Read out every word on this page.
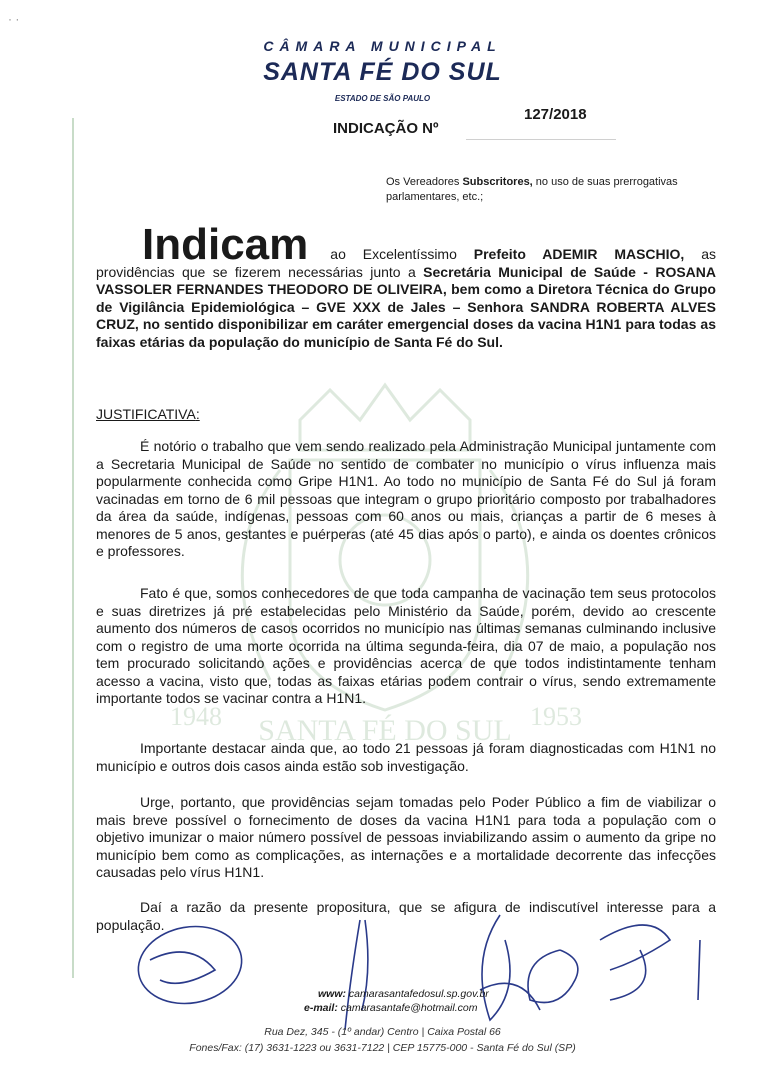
· ·
1948 SANTA FÉ DO SUL 1953
CÂMARA MUNICIPAL
SANTA FÉ DO SUL
ESTADO DE SÃO PAULO
INDICAÇÃO Nº
127/2018
Os Vereadores Subscritores, no uso de suas prerrogativas parlamentares, etc.;
Indicam ao Excelentíssimo Prefeito ADEMIR MASCHIO, as providências que se fizerem necessárias junto a Secretária Municipal de Saúde - ROSANA VASSOLER FERNANDES THEODORO DE OLIVEIRA, bem como a Diretora Técnica do Grupo de Vigilância Epidemiológica – GVE XXX de Jales – Senhora SANDRA ROBERTA ALVES CRUZ, no sentido disponibilizar em caráter emergencial doses da vacina H1N1 para todas as faixas etárias da população do município de Santa Fé do Sul.
JUSTIFICATIVA:
É notório o trabalho que vem sendo realizado pela Administração Municipal juntamente com a Secretaria Municipal de Saúde no sentido de combater no município o vírus influenza mais popularmente conhecida como Gripe H1N1. Ao todo no município de Santa Fé do Sul já foram vacinadas em torno de 6 mil pessoas que integram o grupo prioritário composto por trabalhadores da área da saúde, indígenas, pessoas com 60 anos ou mais, crianças a partir de 6 meses à menores de 5 anos, gestantes e puérperas (até 45 dias após o parto), e ainda os doentes crônicos e professores.
Fato é que, somos conhecedores de que toda campanha de vacinação tem seus protocolos e suas diretrizes já pré estabelecidas pelo Ministério da Saúde, porém, devido ao crescente aumento dos números de casos ocorridos no município nas últimas semanas culminando inclusive com o registro de uma morte ocorrida na última segunda-feira, dia 07 de maio, a população nos tem procurado solicitando ações e providências acerca de que todos indistintamente tenham acesso a vacina, visto que, todas as faixas etárias podem contrair o vírus, sendo extremamente importante todos se vacinar contra a H1N1.
Importante destacar ainda que, ao todo 21 pessoas já foram diagnosticadas com H1N1 no município e outros dois casos ainda estão sob investigação.
Urge, portanto, que providências sejam tomadas pelo Poder Público a fim de viabilizar o mais breve possível o fornecimento de doses da vacina H1N1 para toda a população com o objetivo imunizar o maior número possível de pessoas inviabilizando assim o aumento da gripe no município bem como as complicações, as internações e a mortalidade decorrente das infecções causadas pelo vírus H1N1.
Daí a razão da presente propositura, que se afigura de indiscutível interesse para a população.
www: camarasantafedosul.sp.gov.br
e-mail: camarasantafe@hotmail.com
Rua Dez, 345 - (1º andar) Centro | Caixa Postal 66
Fones/Fax: (17) 3631-1223 ou 3631-7122 | CEP 15775-000 - Santa Fé do Sul (SP)
